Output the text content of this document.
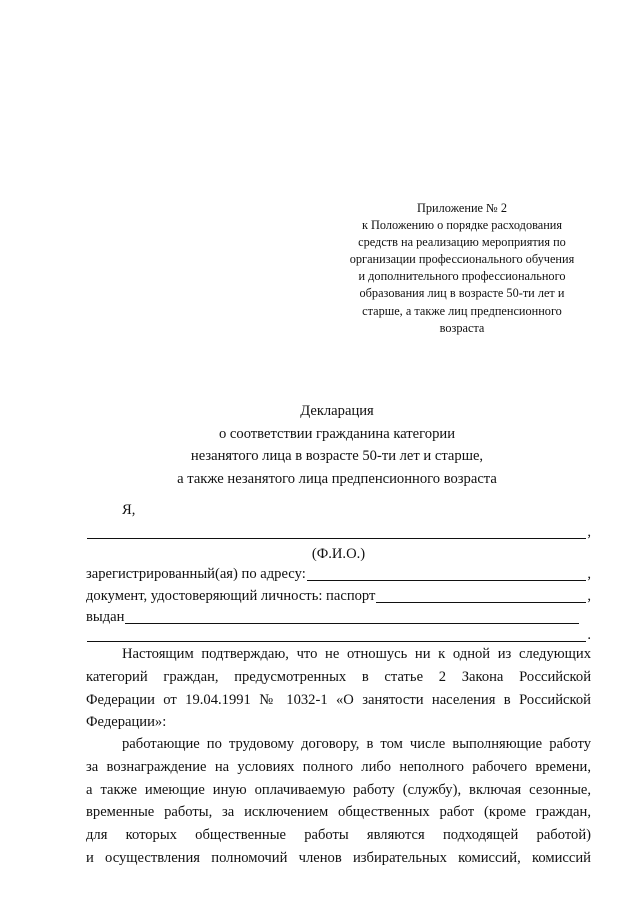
Приложение № 2
к Положению о порядке расходования
средств на реализацию мероприятия по
организации профессионального обучения
и дополнительного профессионального
образования лиц в возрасте 50-ти лет и
старше, а также лиц предпенсионного
возраста
Декларация
о соответствии гражданина категории
незанятого лица в возрасте 50-ти лет и старше,
а также незанятого лица предпенсионного возраста
Я,
,
(Ф.И.О.)
зарегистрированный(ая) по адресу:	,
документ, удостоверяющий личность: паспорт	,
выдан
.
Настоящим подтверждаю, что не отношусь ни к одной из следующих
категорий граждан, предусмотренных в статье 2 Закона Российской
Федерации от 19.04.1991 № 1032-1 «О занятости населения в Российской
Федерации»:
работающие по трудовому договору, в том числе выполняющие работу
за вознаграждение на условиях полного либо неполного рабочего времени,
а также имеющие иную оплачиваемую работу (службу), включая сезонные,
временные работы, за исключением общественных работ (кроме граждан,
для которых общественные работы являются подходящей работой)
и осуществления полномочий членов избирательных комиссий, комиссий
